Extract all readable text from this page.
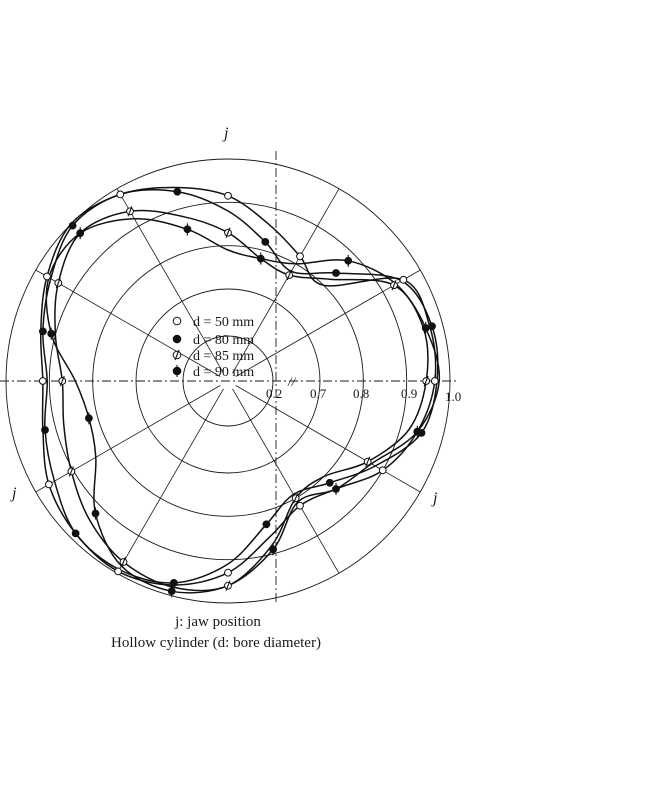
0.2 0.7 0.8 0.9 1.0
//
j
j	j
d = 50 mm
d = 80 mm
d = 85 mm
d = 90 mm
j: jaw position
Hollow cylinder (d: bore diameter)
